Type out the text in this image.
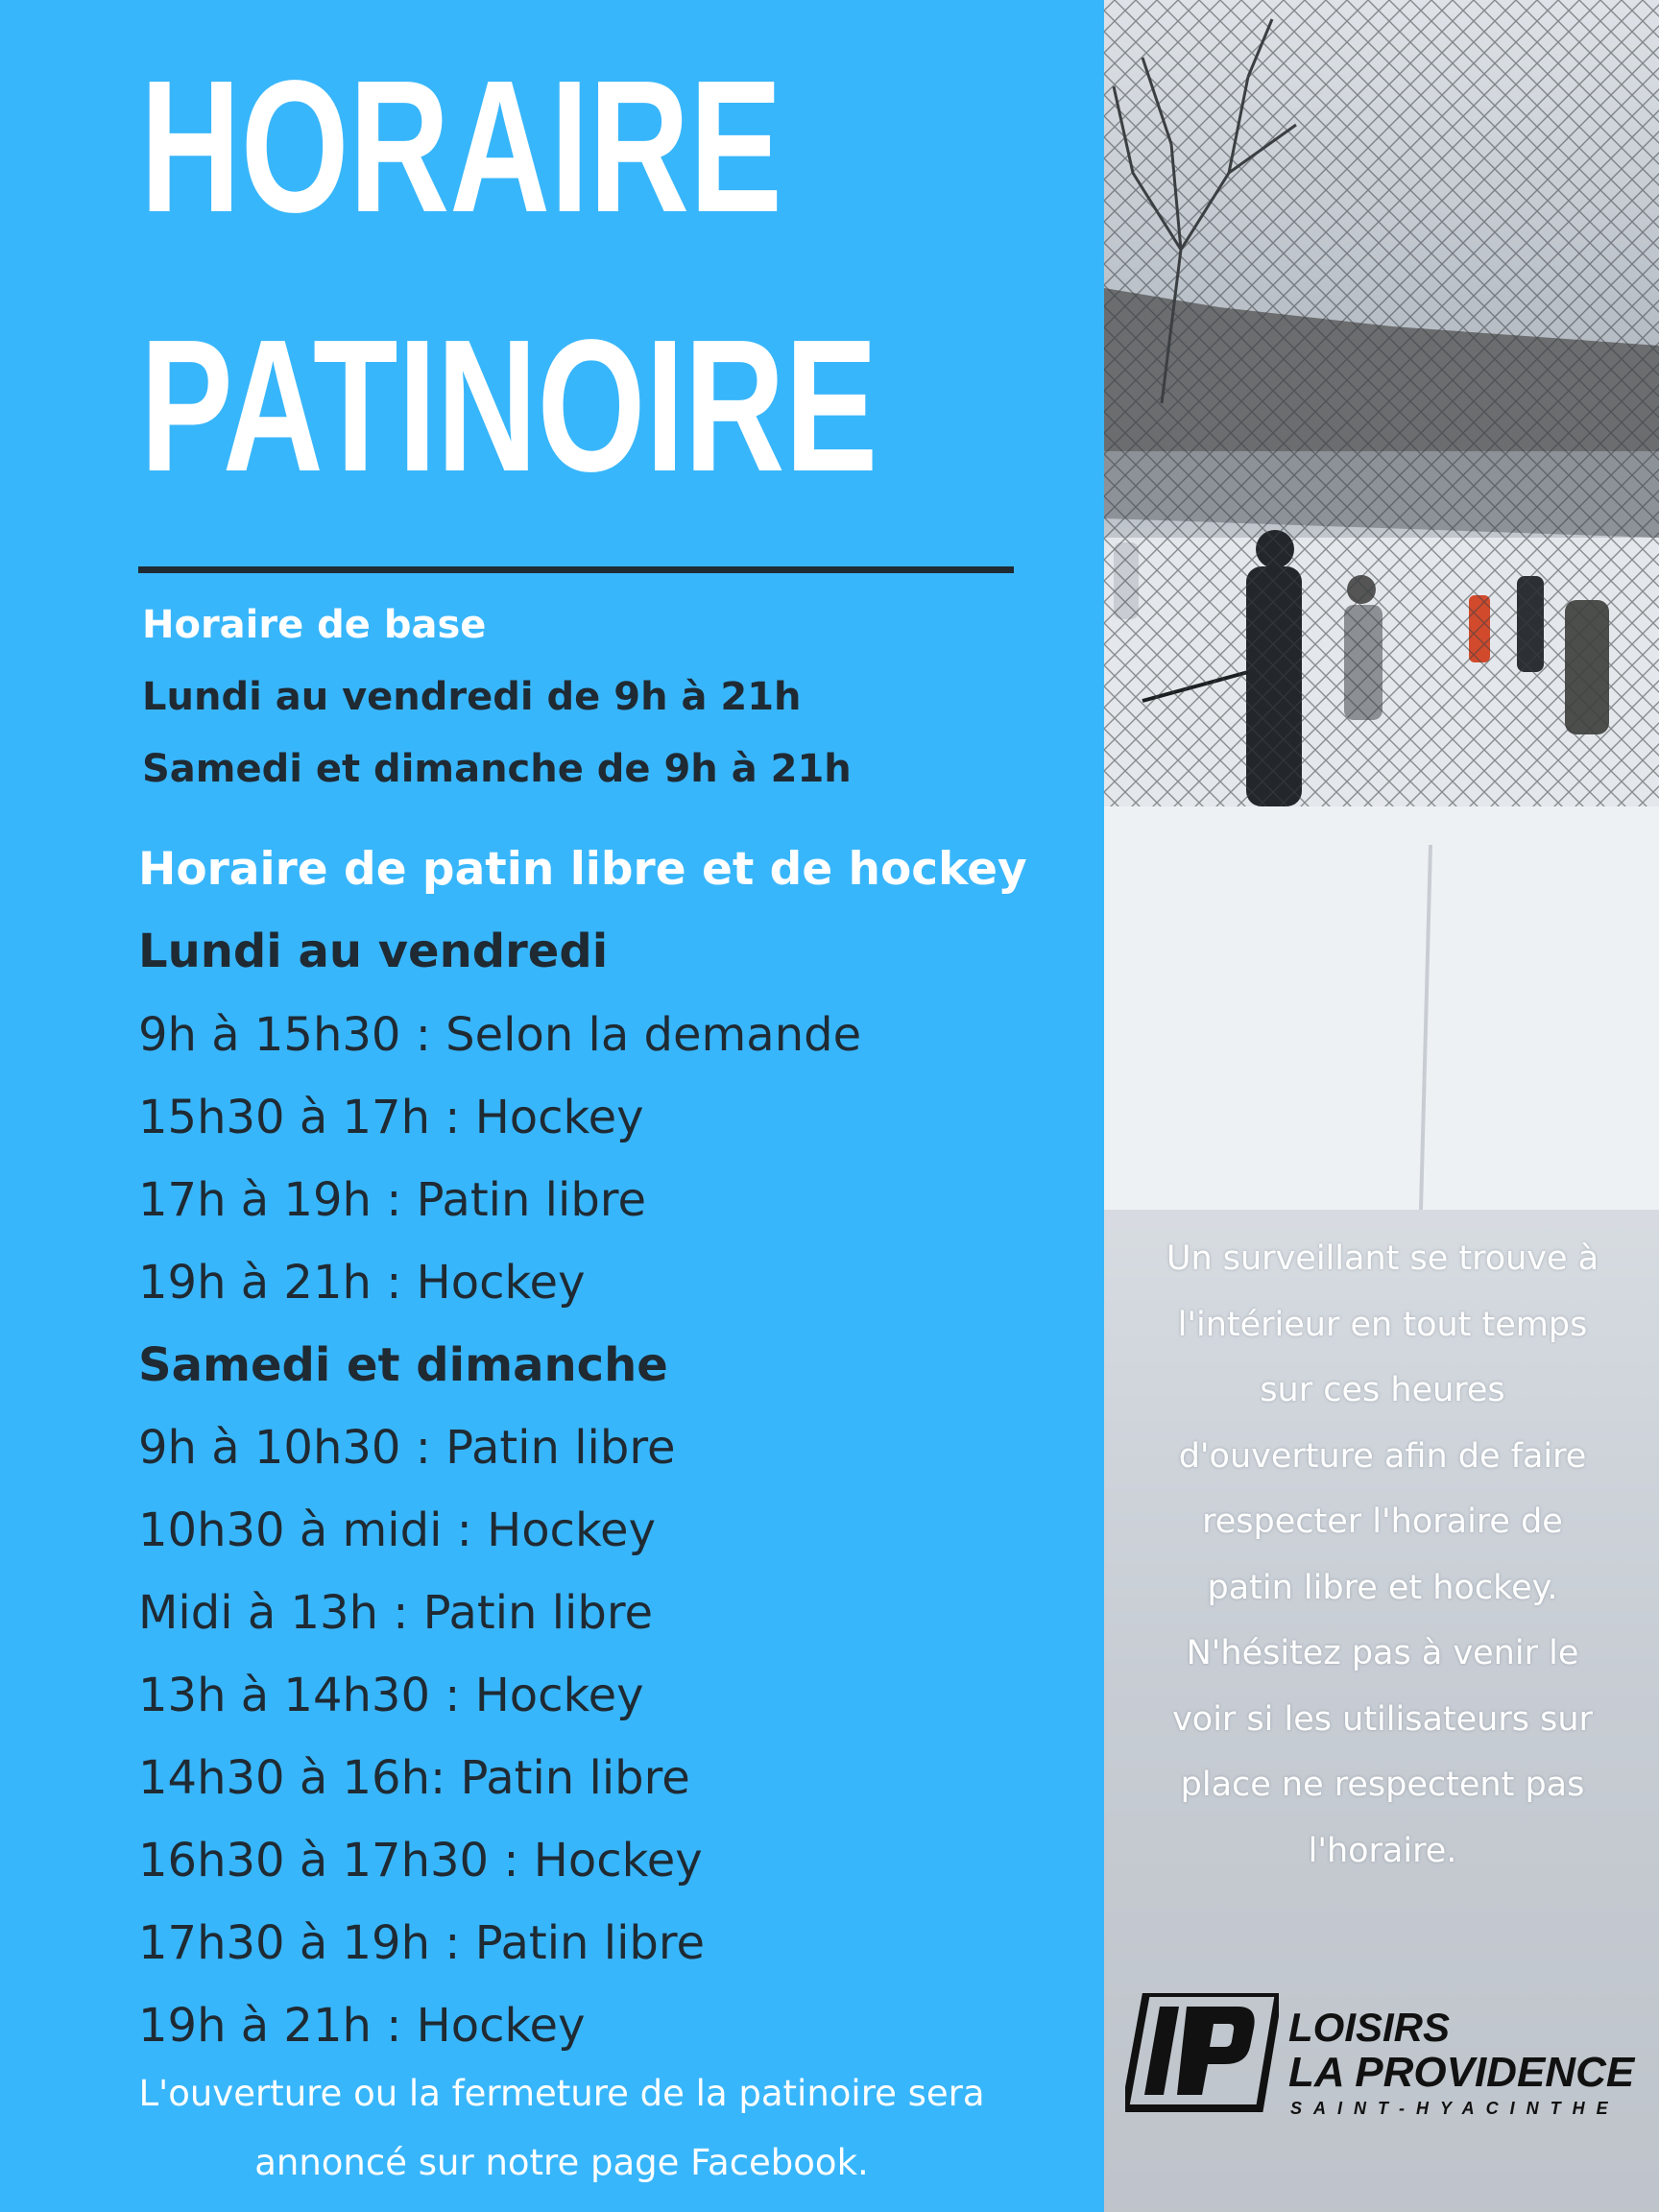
HORAIRE
PATINOIRE
Horaire de base
Lundi au vendredi de 9h à 21h
Samedi et dimanche de 9h à 21h
Horaire de patin libre et de hockey
Lundi au vendredi
9h à 15h30 : Selon la demande
15h30 à 17h : Hockey
17h à 19h : Patin libre
19h à 21h : Hockey
Samedi et dimanche
9h à 10h30 : Patin libre
10h30 à midi : Hockey
Midi à 13h : Patin libre
13h à 14h30 : Hockey
14h30 à 16h: Patin libre
16h30 à 17h30 : Hockey
17h30 à 19h : Patin libre
19h à 21h : Hockey
L'ouverture ou la fermeture de la patinoire sera
annoncé sur notre page Facebook.
Un surveillant se trouve à
l'intérieur en tout temps
sur ces heures
d'ouverture afin de faire
respecter l'horaire de
patin libre et hockey.
N'hésitez pas à venir le
voir si les utilisateurs sur
place ne respectent pas
l'horaire.
LOISIRS
LA PROVIDENCE
SAINT-HYACINTHE
